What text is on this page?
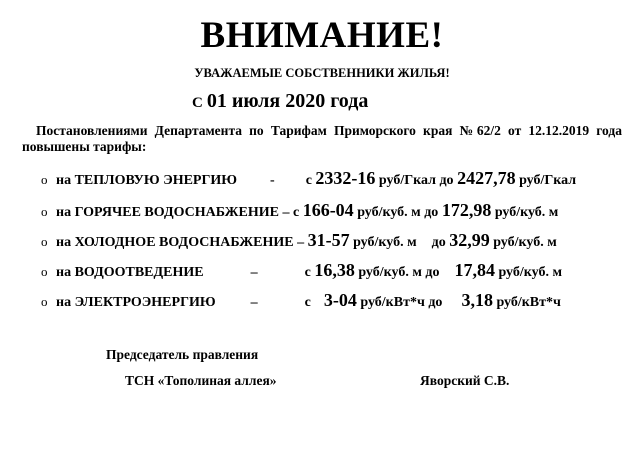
ВНИМАНИЕ!
УВАЖАЕМЫЕ СОБСТВЕННИКИ ЖИЛЬЯ!
С 01 июля 2020 года
Постановлениями Департамента по Тарифам Приморского края №62/2 от 12.12.2019 года повышены тарифы:
o на ТЕПЛОВУЮ ЭНЕРГИЮ - с 2332-16 руб/Гкал до 2427,78 руб/Гкал
o на ГОРЯЧЕЕ ВОДОСНАБЖЕНИЕ – с 166-04 руб/куб. м до 172,98 руб/куб. м
o на ХОЛОДНОЕ ВОДОСНАБЖЕНИЕ – 31-57 руб/куб. м до 32,99 руб/куб. м
o на ВОДООТВЕДЕНИЕ	–	с 16,38 руб/куб. м до 17,84 руб/куб. м
o на ЭЛЕКТРОЭНЕРГИЮ	–	с 3-04 руб/кВт*ч до 3,18 руб/кВт*ч
Председатель правления
ТСН «Тополиная аллея»	Яворский С.В.
